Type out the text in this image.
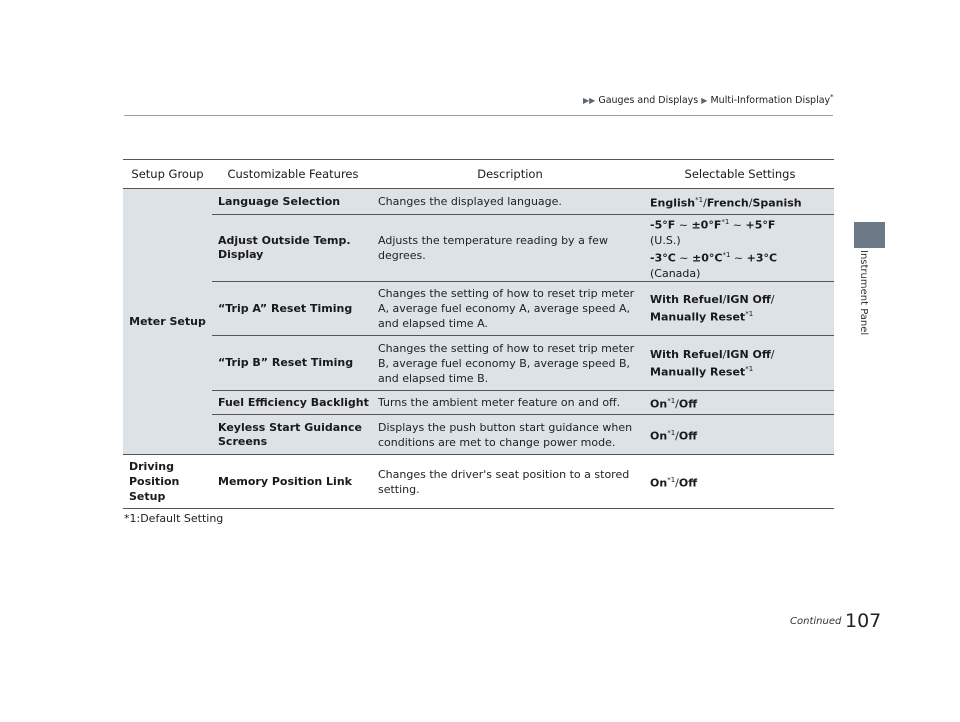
▶▶ Gauges and Displays ▶ Multi-Information Display*
Instrument Panel
Setup Group	Customizable Features	Description	Selectable Settings
Meter Setup	Language Selection	Changes the displayed language.	English$^{*1}$/French/Spanish
	Adjust Outside Temp. Display	Adjusts the temperature reading by a few degrees.	-5°F ~ $\pm 0^\circ F^{*1}$ ~ +5°F
(U.S.)
-3°C ~ $\pm 0^\circ C^{*1}$ ~ +3°C
(Canada)

	“Trip A” Reset Timing	Changes the setting of how to reset trip meter A, average fuel economy A, average speed A, and elapsed time A.	With Refuel/IGN Off/
Manually Reset$^{*1}$
	“Trip B” Reset Timing	Changes the setting of how to reset trip meter B, average fuel economy B, average speed B, and elapsed time B.	With Refuel/IGN Off/
Manually Reset$^{*1}$
	Fuel Efficiency Backlight	Turns the ambient meter feature on and off.	On$^{*1}$/Off
	Keyless Start Guidance Screens	Displays the push button start guidance when conditions are met to change power mode.	On$^{*1}$/Off
Driving Position Setup	Memory Position Link	Changes the driver's seat position to a stored setting.	On$^{*1}$/Off
*1:Default Setting
Continued 107
